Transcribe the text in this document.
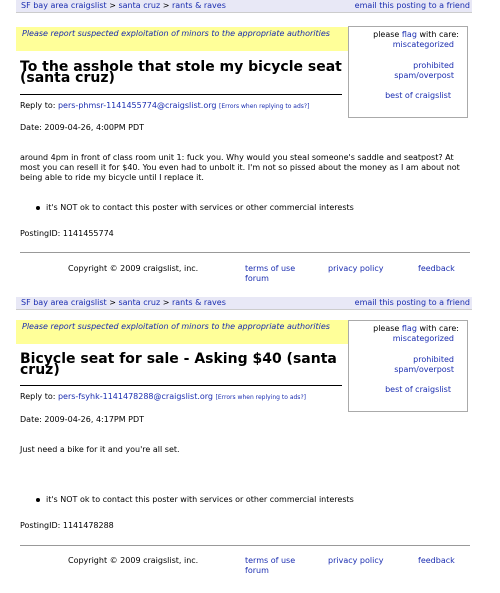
SF bay area craigslist > santa cruz > rants & raves	email this posting to a friend
Please report suspected exploitation of minors to the appropriate authorities	please flag with care:
miscategorized
prohibited
spam/overpost
best of craigslist
To the asshole that stole my bicycle seat (santa cruz)
Reply to: pers-phmsr-1141455774@craigslist.org [Errors when replying to ads?]
Date: 2009-04-26, 4:00PM PDT
around 4pm in front of class room unit 1: fuck you. Why would you steal someone's saddle and seatpost? At most you can resell it for $40. You even had to unbolt it. I'm not so pissed about the money as I am about not being able to ride my bicycle until I replace it.
it's NOT ok to contact this poster with services or other commercial interests
PostingID: 1141455774
Copyright © 2009 craigslist, inc.	terms of use forum
privacy policy	feedback
SF bay area craigslist > santa cruz > rants & raves	email this posting to a friend
Please report suspected exploitation of minors to the appropriate authorities	please flag with care:
miscategorized
prohibited
spam/overpost
best of craigslist
Bicycle seat for sale - Asking $40 (santa cruz)
Reply to: pers-fsyhk-1141478288@craigslist.org [Errors when replying to ads?]
Date: 2009-04-26, 4:17PM PDT
Just need a bike for it and you're all set.
it's NOT ok to contact this poster with services or other commercial interests
PostingID: 1141478288
Copyright © 2009 craigslist, inc.	terms of use forum
privacy policy	feedback
